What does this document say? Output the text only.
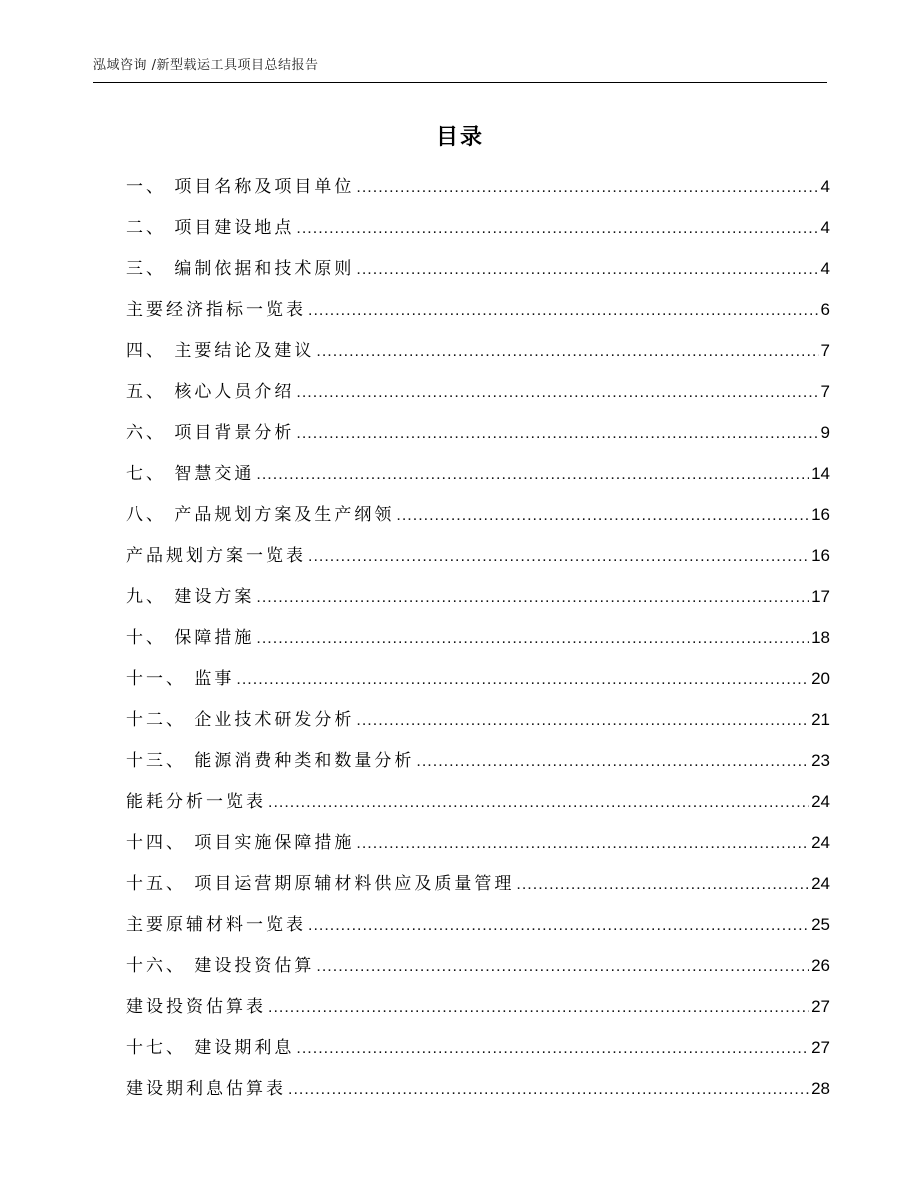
泓域咨询 /新型载运工具项目总结报告
目录
一、 项目名称及项目单位 .....	4
二、 项目建设地点 .....	4
三、 编制依据和技术原则 .....	4
主要经济指标一览表 .....	6
四、 主要结论及建议 .....	7
五、 核心人员介绍 .....	7
六、 项目背景分析 .....	9
七、 智慧交通 .....	14
八、 产品规划方案及生产纲领 .....	16
产品规划方案一览表 .....	16
九、 建设方案 .....	17
十、 保障措施 .....	18
十一、 监事 .....	20
十二、 企业技术研发分析 .....	21
十三、 能源消费种类和数量分析 .....	23
能耗分析一览表 .....	24
十四、 项目实施保障措施 .....	24
十五、 项目运营期原辅材料供应及质量管理 .....	24
主要原辅材料一览表 .....	25
十六、 建设投资估算 .....	26
建设投资估算表 .....	27
十七、 建设期利息 .....	27
建设期利息估算表 .....	28
